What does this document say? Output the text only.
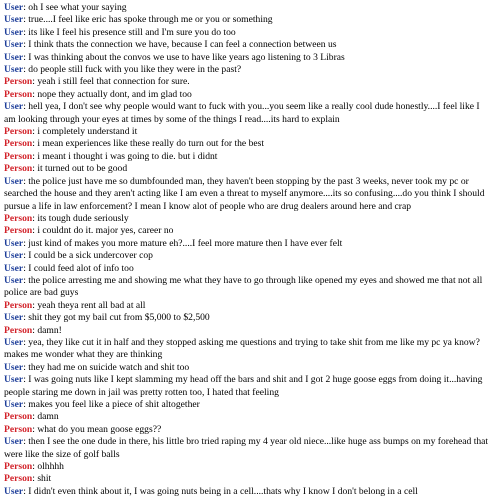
User: oh I see what your saying
User: true....I feel like eric has spoke through me or you or something
User: its like I feel his presence still and I'm sure you do too
User: I think thats the connection we have, because I can feel a connection between us
User: I was thinking about the convos we use to have like years ago listening to 3 Libras
User: do people still fuck with you like they were in the past?
Person: yeah i still feel that connection for sure.
Person: nope they actually dont, and im glad too
User: hell yea, I don't see why people would want to fuck with you...you seem like a really cool dude honestly....I feel like I am looking through your eyes at times by some of the things I read....its hard to explain
Person: i completely understand it
Person: i mean experiences like these really do turn out for the best
Person: i meant i thought i was going to die. but i didnt
Person: it turned out to be good
User: the police just have me so dumbfounded man, they haven't been stopping by the past 3 weeks, never took my pc or searched the house and they aren't acting like I am even a threat to myself anymore....its so confusing....do you think I should pursue a life in law enforcement? I mean I know alot of people who are drug dealers around here and crap
Person: its tough dude seriously
Person: i couldnt do it. major yes, career no
User: just kind of makes you more mature eh?....I feel more mature then I have ever felt
User: I could be a sick undercover cop
User: I could feed alot of info too
User: the police arresting me and showing me what they have to go through like opened my eyes and showed me that not all police are bad guys
Person: yeah theya rent all bad at all
User: shit they got my bail cut from $5,000 to $2,500
Person: damn!
User: yea, they like cut it in half and they stopped asking me questions and trying to take shit from me like my pc ya know? makes me wonder what they are thinking
User: they had me on suicide watch and shit too
User: I was going nuts like I kept slamming my head off the bars and shit and I got 2 huge goose eggs from doing it...having people staring me down in jail was pretty rotten too, I hated that feeling
User: makes you feel like a piece of shit altogether
Person: damn
Person: what do you mean goose eggs??
User: then I see the one dude in there, his little bro tried raping my 4 year old niece...like huge ass bumps on my forehead that were like the size of golf balls
Person: olhhhh
Person: shit
User: I didn't even think about it, I was going nuts being in a cell....thats why I know I don't belong in a cell
